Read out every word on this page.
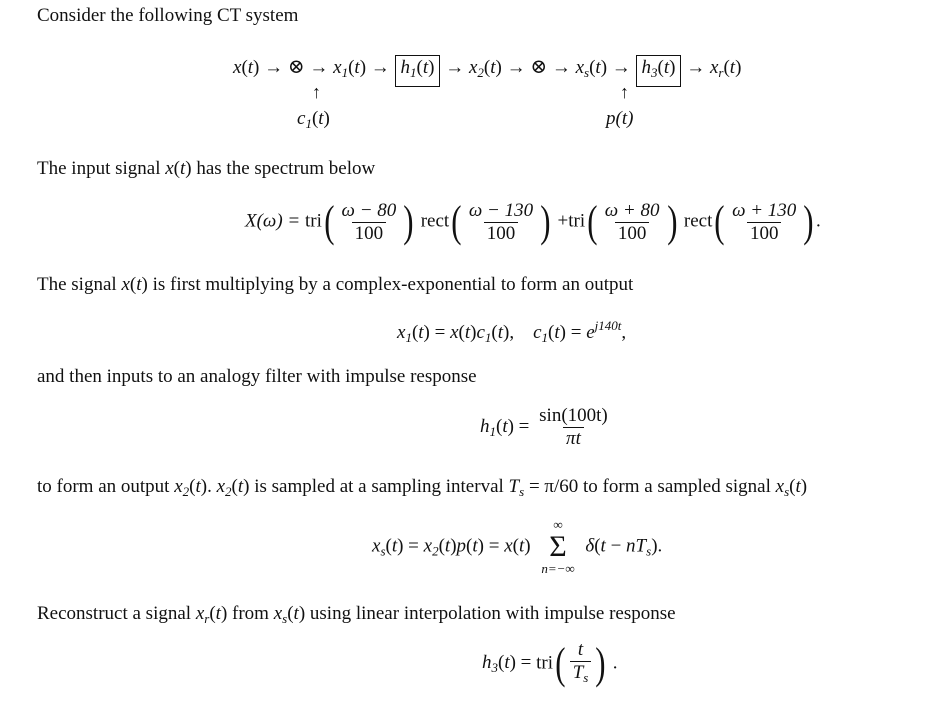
Consider the following CT system
x(t) → ⊗ → $x_1(t) \to h_1(t) \to x_2(t)$ → ⊗ → $x_s(t) \to h_3(t) \to x_r(t)$
↑
$c_1(t)$
↑
p(t)
The input signal x(t) has the spectrum below
$X(\omega) = tri( \frac{\omega - 80}{100}$ ) rect( $\frac{\omega - 130}{100}$ ) $+tri( \frac{\omega + 80}{100}$ ) rect( $\frac{\omega + 130}{100}$ ) .
The signal x(t) is first multiplying by a complex-exponential to form an output
$x_1(t) = x(t)c_1(t)$,    $c_1(t) = e^{j140t}$,
and then inputs to an analogy filter with impulse response
$h_1(t) = \frac{\sin(100t)}{\pi t}$
to form an output $x_2(t)$. $x_2(t)$ is sampled at a sampling interval $T_s = \pi/60$ to form a sampled signal $x_s(t)$
$x_s(t) = x_2(t)p(t) = x(t)$
∞
Σ
n=−∞
$\delta(t - nT_s)$.
Reconstruct a signal $x_r(t)$ from $x_s(t)$ using linear interpolation with impulse response
$h_3(t) = tri( \frac{t}{T_s}$ ) .
